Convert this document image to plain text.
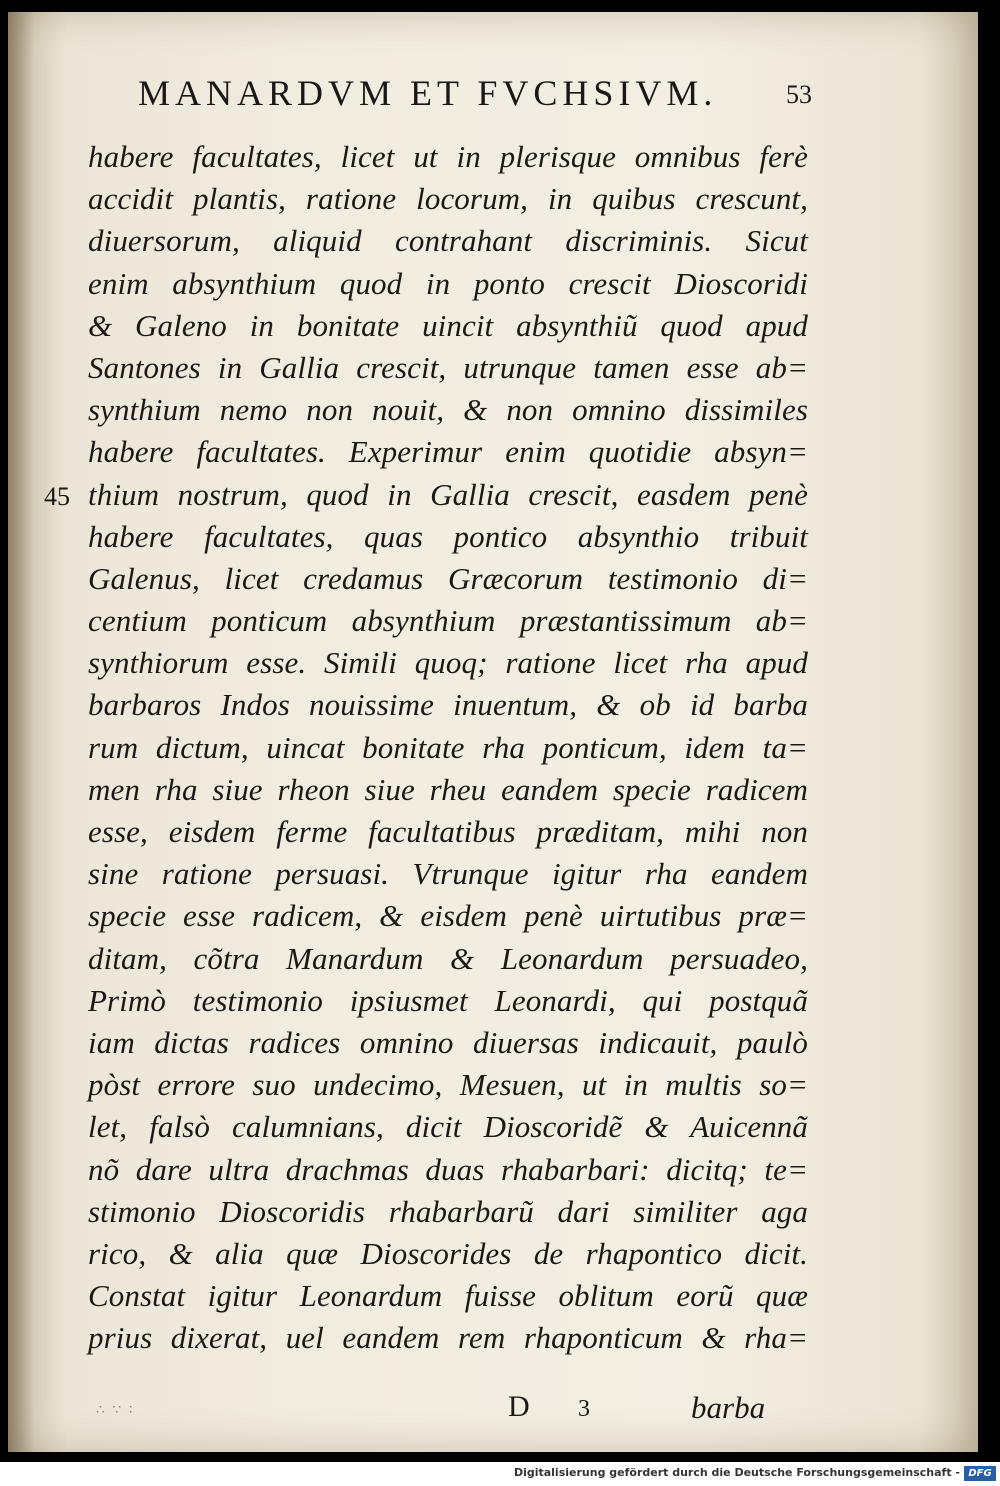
MANARDVM ET FVCHSIVM.	53
45
habere facultates, licet ut in plerisque omnibus ferè
accidit plantis, ratione locorum, in quibus crescunt,
diuersorum, aliquid contrahant discriminis. Sicut
enim absynthium quod in ponto crescit Dioscoridi
& Galeno in bonitate uincit absynthiũ quod apud
Santones in Gallia crescit, utrunque tamen esse ab=
synthium nemo non nouit, & non omnino dissimiles
habere facultates. Experimur enim quotidie absyn=
thium nostrum, quod in Gallia crescit, easdem penè
habere facultates, quas pontico absynthio tribuit
Galenus, licet credamus Græcorum testimonio di=
centium ponticum absynthium præstantissimum ab=
synthiorum esse. Simili quoq; ratione licet rha apud
barbaros Indos nouissime inuentum, & ob id barba
rum dictum, uincat bonitate rha ponticum, idem ta=
men rha siue rheon siue rheu eandem specie radicem
esse, eisdem ferme facultatibus præditam, mihi non
sine ratione persuasi. Vtrunque igitur rha eandem
specie esse radicem, & eisdem penè uirtutibus præ=
ditam, cõtra Manardum & Leonardum persuadeo,
Primò testimonio ipsiusmet Leonardi, qui postquã
iam dictas radices omnino diuersas indicauit, paulò
pòst errore suo undecimo, Mesuen, ut in multis so=
let, falsò calumnians, dicit Dioscoridẽ & Auicennã
nõ dare ultra drachmas duas rhabarbari: dicitq; te=
stimonio Dioscoridis rhabarbarũ dari similiter aga
rico, & alia quæ Dioscorides de rhapontico dicit.
Constat igitur Leonardum fuisse oblitum eorũ quæ
prius dixerat, uel eandem rem rhaponticum & rha=
∴ ∵ ∶	D 3	barba
Digitalisierung gefördert durch die Deutsche Forschungsgemeinschaft - DFG
